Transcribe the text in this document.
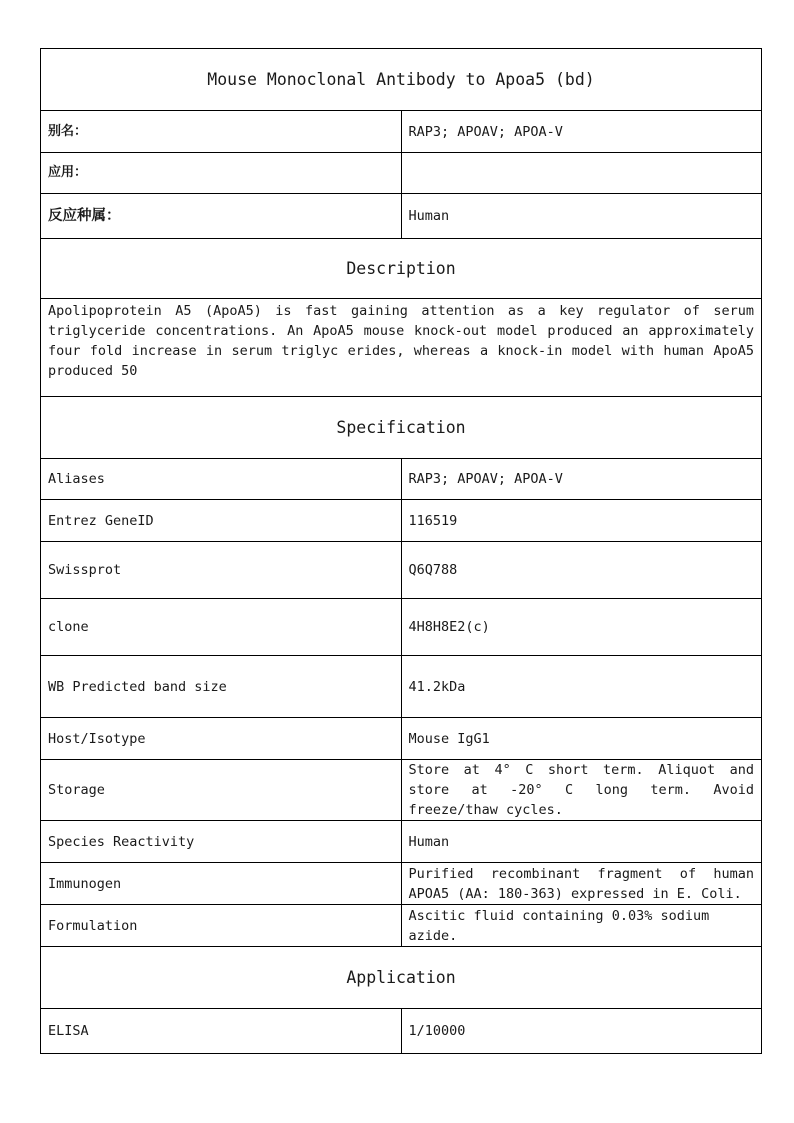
Mouse Monoclonal Antibody to Apoa5 (bd)	
别名：	RAP3; APOAV; APOA-V
应用：	
反应种属：	Human
Description	
Apolipoprotein A5 (ApoA5) is fast gaining attention as a key regulator of serum triglyceride concentrations. An ApoA5 mouse knock-out model produced an approximately four fold increase in serum triglyc erides, whereas a knock-in model with human ApoA5 produced 50	
Specification	
Aliases	RAP3; APOAV; APOA-V
Entrez GeneID	116519
Swissprot	Q6Q788
clone	4H8H8E2(c)
WB Predicted band size	41.2kDa
Host/Isotype	Mouse IgG1
Storage	Store at 4° C short term. Aliquot and store at -20° C long term. Avoid freeze/thaw cycles.
Species Reactivity	Human
Immunogen	Purified recombinant fragment of human APOA5 (AA: 180-363) expressed in E. Coli.
Formulation	Ascitic fluid containing 0.03% sodium azide.
Application	
ELISA	1/10000
